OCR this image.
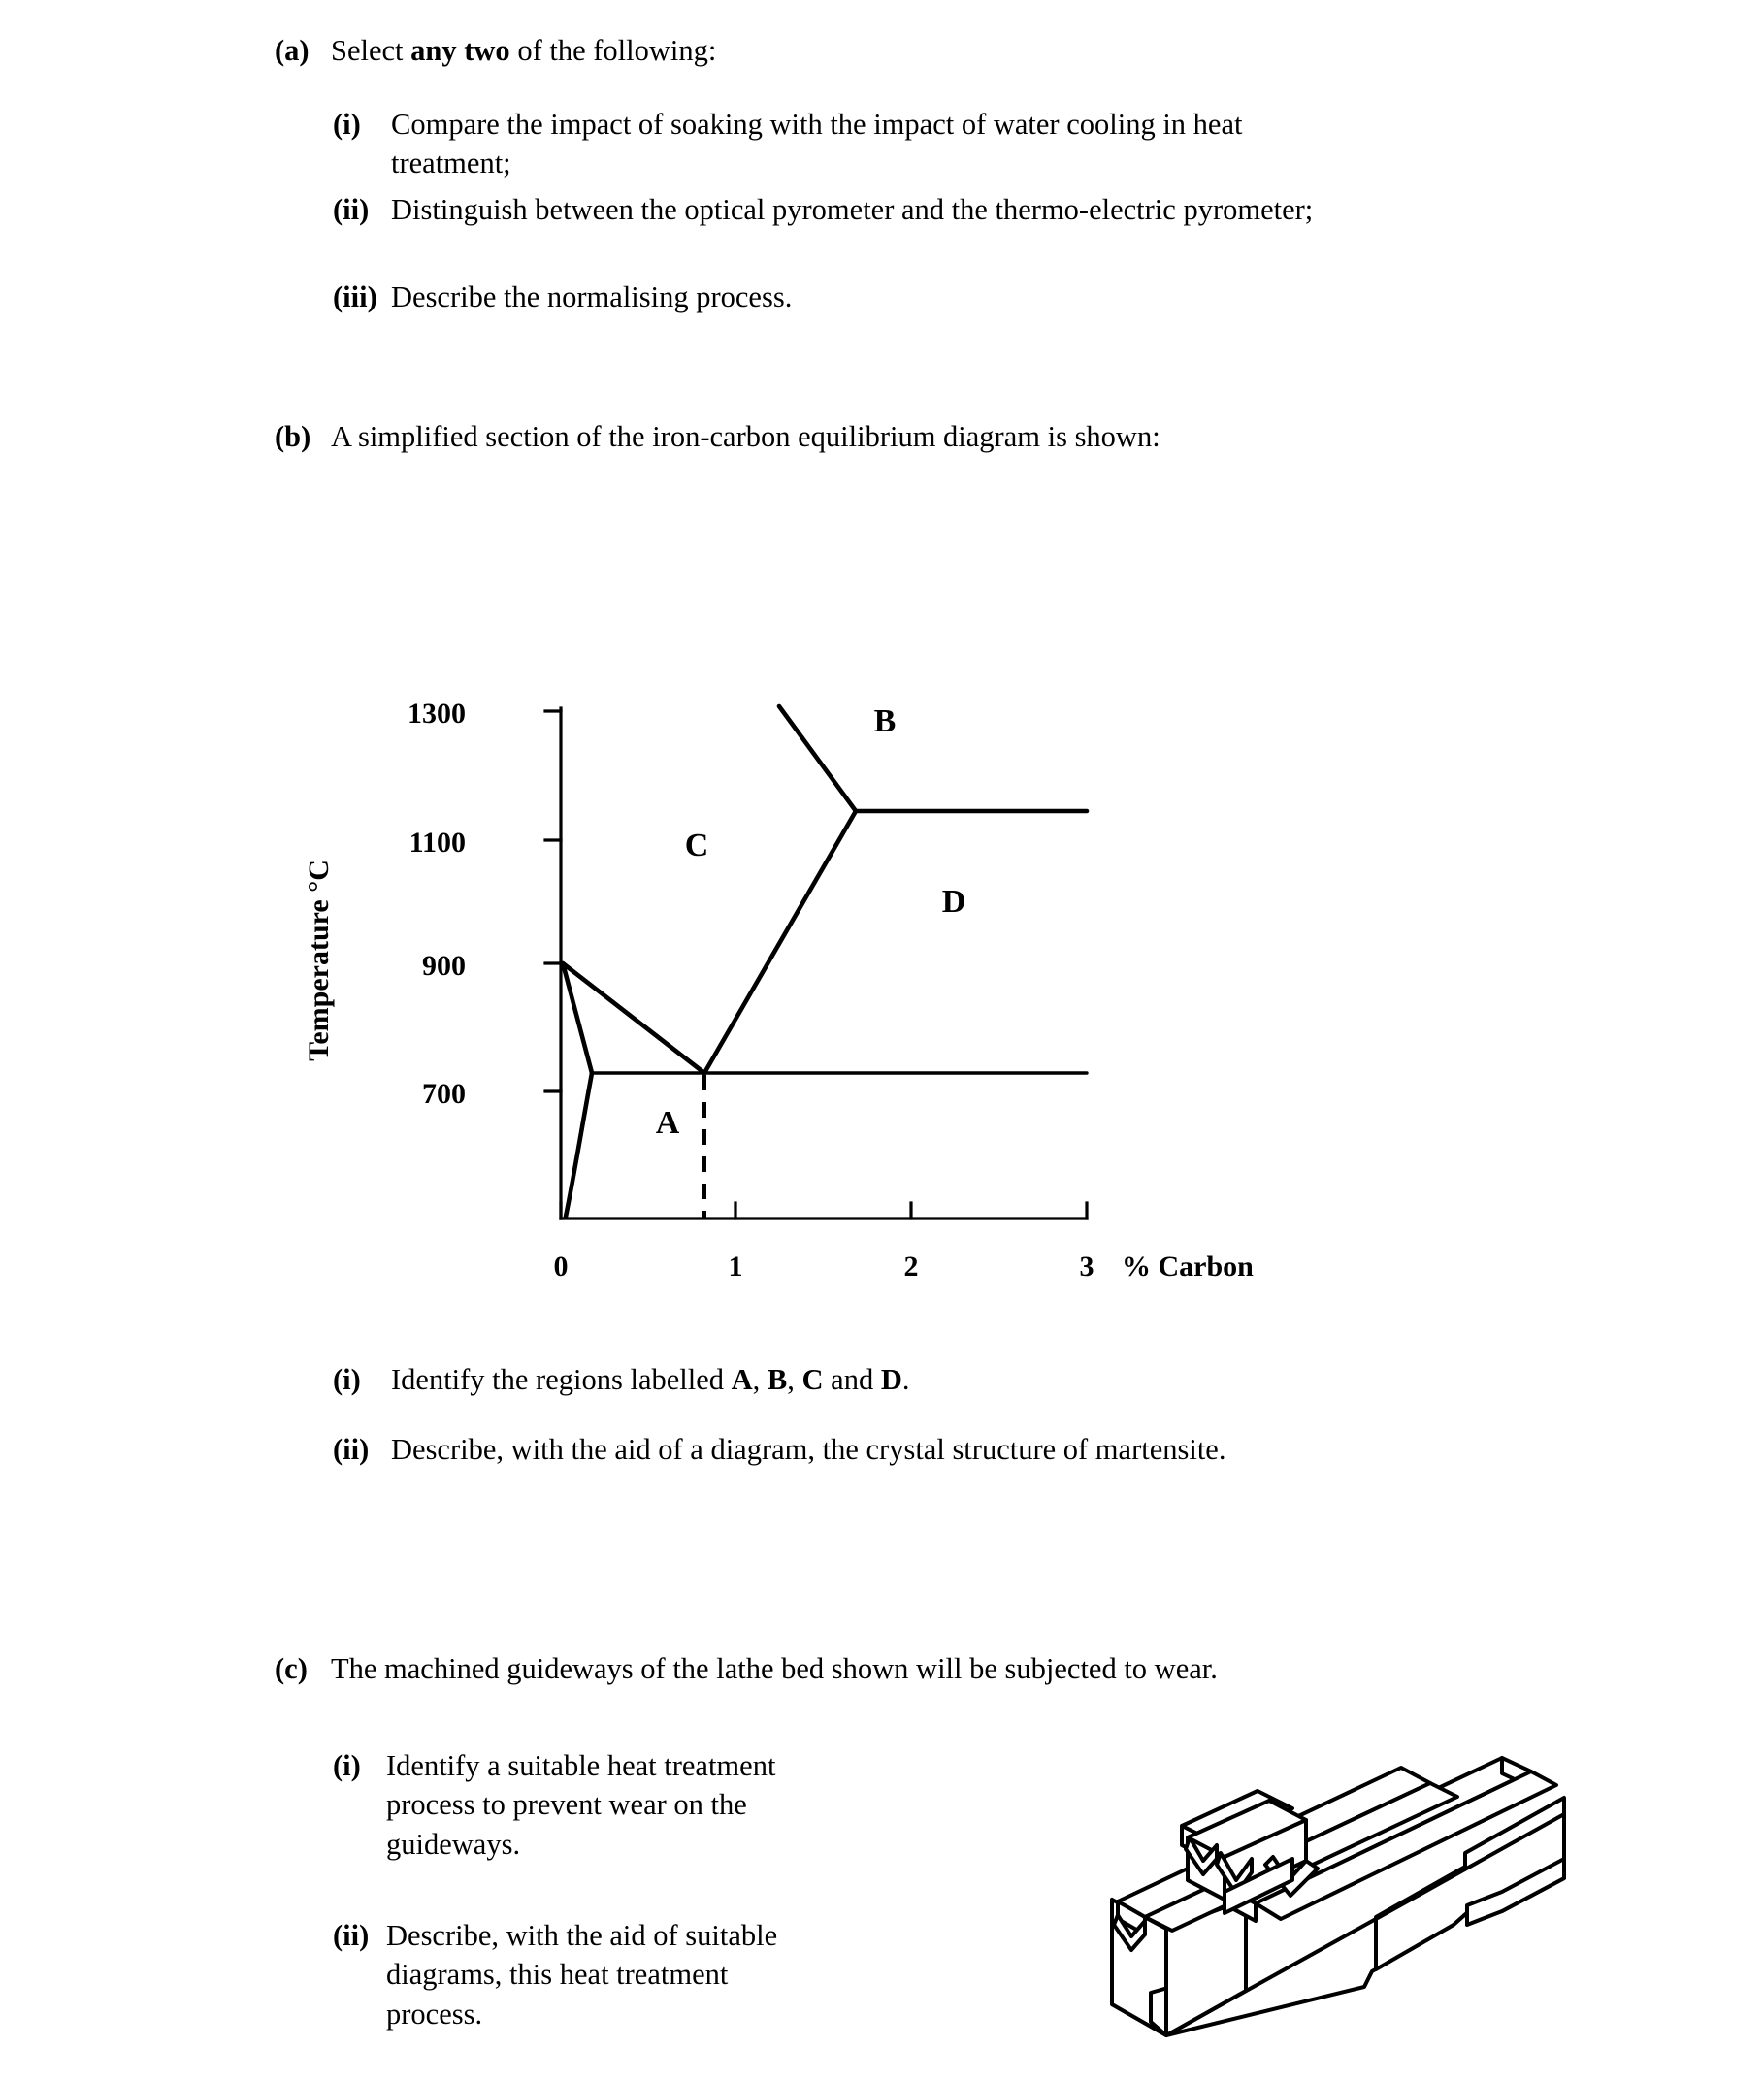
(a) Select any two of the following:
(i)	Compare the impact of soaking with the impact of water cooling in heat treatment;
(ii) Distinguish between the optical pyrometer and the thermo-electric pyrometer;
(iii) Describe the normalising process.
(b) A simplified section of the iron-carbon equilibrium diagram is shown:
Temperature °C
1300
1100
900
700
A
B
C
D
0	1	2	3 % Carbon
(i)	Identify the regions labelled A, B, C and D.
(ii) Describe, with the aid of a diagram, the crystal structure of martensite.
(c) The machined guideways of the lathe bed shown will be subjected to wear.
(i) Identify a suitable heat treatment process to prevent wear on the guideways.
(ii) Describe, with the aid of suitable diagrams, this heat treatment process.
